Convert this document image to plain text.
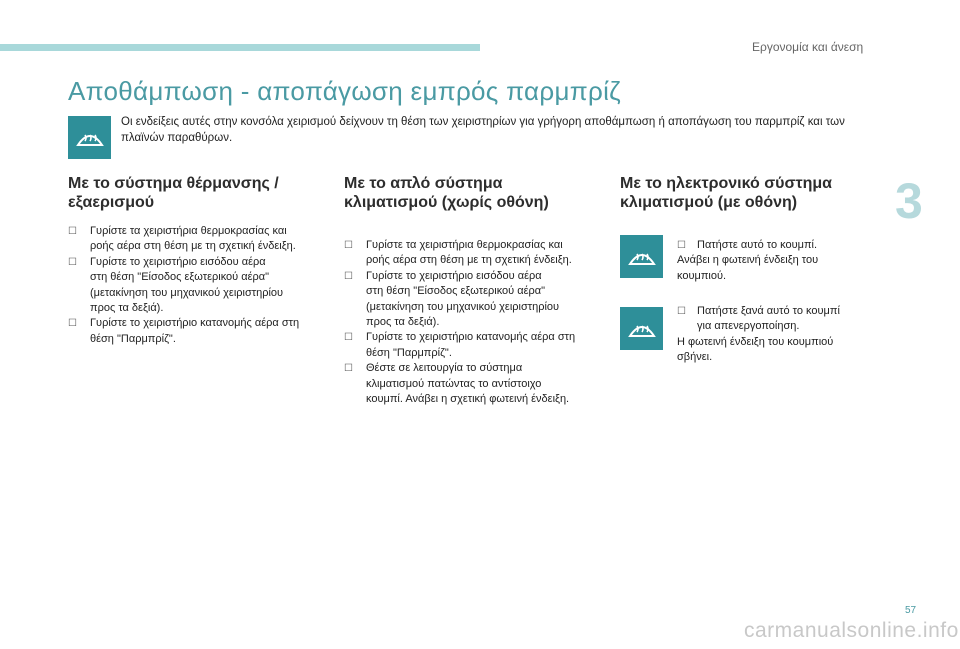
Εργονομία και άνεση
Αποθάμπωση - αποπάγωση εμπρός παρμπρίζ
Οι ενδείξεις αυτές στην κονσόλα χειρισμού δείχνουν τη θέση των χειριστηρίων για γρήγορη αποθάμπωση ή αποπάγωση του παρμπρίζ και των πλαϊνών παραθύρων.
Με το σύστημα θέρμανσης /
εξαερισμού
☐ Γυρίστε τα χειριστήρια θερμοκρασίας και
ροής αέρα στη θέση με τη σχετική ένδειξη.
☐ Γυρίστε το χειριστήριο εισόδου αέρα
στη θέση "Είσοδος εξωτερικού αέρα"
(μετακίνηση του μηχανικού χειριστηρίου
προς τα δεξιά).
☐ Γυρίστε το χειριστήριο κατανομής αέρα στη
θέση "Παρμπρίζ".
Με το απλό σύστημα
κλιματισμού (χωρίς οθόνη)
☐ Γυρίστε τα χειριστήρια θερμοκρασίας και
ροής αέρα στη θέση με τη σχετική ένδειξη.
☐ Γυρίστε το χειριστήριο εισόδου αέρα
στη θέση "Είσοδος εξωτερικού αέρα"
(μετακίνηση του μηχανικού χειριστηρίου
προς τα δεξιά).
☐ Γυρίστε το χειριστήριο κατανομής αέρα στη
θέση "Παρμπρίζ".
☐ Θέστε σε λειτουργία το σύστημα
κλιματισμού πατώντας το αντίστοιχο
κουμπί. Ανάβει η σχετική φωτεινή ένδειξη.
Με το ηλεκτρονικό σύστημα
κλιματισμού (με οθόνη)
☐ Πατήστε αυτό το κουμπί.
Ανάβει η φωτεινή ένδειξη του
κουμπιού.
☐ Πατήστε ξανά αυτό το κουμπί
για απενεργοποίηση.
Η φωτεινή ένδειξη του κουμπιού
σβήνει.
3
57
carmanualsonline.info
